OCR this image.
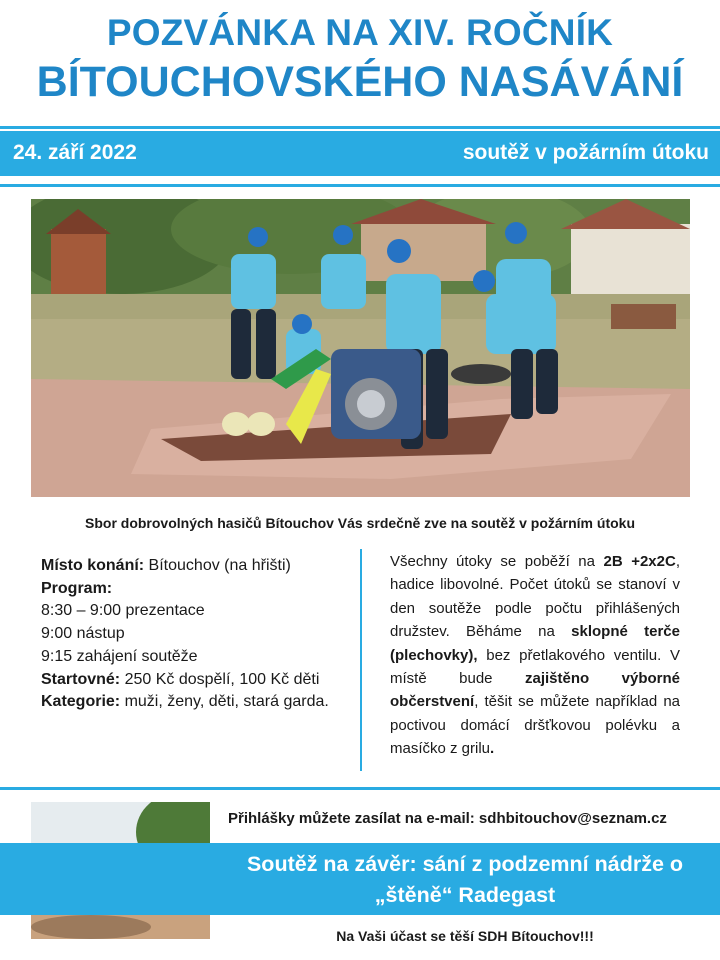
POZVÁNKA NA XIV. ROČNÍK
BÍTOUCHOVSKÉHO NASÁVÁNÍ
24. září 2022	soutěž v požárním útoku
Sbor dobrovolných hasičů Bítouchov Vás srdečně zve na soutěž v požárním útoku
Místo konání: Bítouchov (na hřišti)
Program:
8:30 – 9:00 prezentace
9:00 nástup
9:15 zahájení soutěže
Startovné: 250 Kč dospělí, 100 Kč děti
Kategorie: muži, ženy, děti, stará garda.
Všechny útoky se poběží na 2B +2x2C, hadice libovolné. Počet útoků se stanoví v den soutěže podle počtu přihlášených družstev. Běháme na sklopné terče (plechovky), bez přetlakového ventilu. V místě bude zajištěno výborné občerstvení, těšit se můžete například na poctivou domácí dršťkovou polévku a masíčko z grilu.
Přihlášky můžete zasílat na e-mail: sdhbitouchov@seznam.cz
Soutěž na závěr: sání z podzemní nádrže o „štěně“ Radegast
Na Vaši účast se těší SDH Bítouchov!!!
